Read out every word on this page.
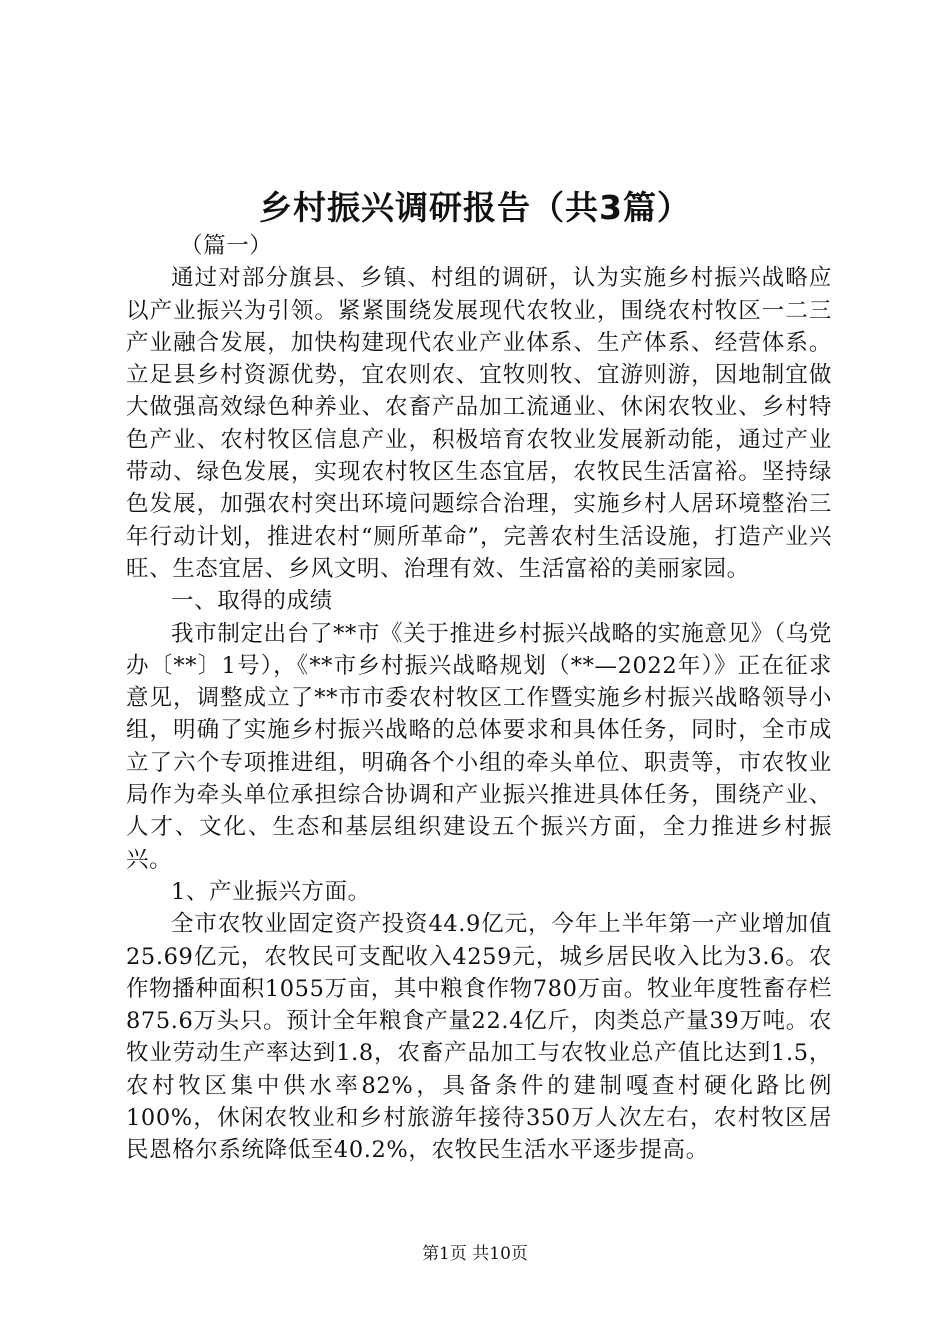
乡村振兴调研报告（共3篇）

（篇一）

通过对部分旗县、乡镇、村组的调研，认为实施乡村振兴战略应以产业振兴为引领。紧紧围绕发展现代农牧业，围绕农村牧区一二三产业融合发展，加快构建现代农业产业体系、生产体系、经营体系。立足县乡村资源优势，宜农则农、宜牧则牧、宜游则游，因地制宜做大做强高效绿色种养业、农畜产品加工流通业、休闲农牧业、乡村特色产业、农村牧区信息产业，积极培育农牧业发展新动能，通过产业带动、绿色发展，实现农村牧区生态宜居，农牧民生活富裕。坚持绿色发展，加强农村突出环境问题综合治理，实施乡村人居环境整治三年行动计划，推进农村“厕所革命”，完善农村生活设施，打造产业兴旺、生态宜居、乡风文明、治理有效、生活富裕的美丽家园。

一、取得的成绩

我市制定出台了**市《关于推进乡村振兴战略的实施意见》（乌党办〔**〕1号），《**市乡村振兴战略规划（**—2022年）》正在征求意见，调整成立了**市市委农村牧区工作暨实施乡村振兴战略领导小组，明确了实施乡村振兴战略的总体要求和具体任务，同时，全市成立了六个专项推进组，明确各个小组的牵头单位、职责等，市农牧业局作为牵头单位承担综合协调和产业振兴推进具体任务，围绕产业、人才、文化、生态和基层组织建设五个振兴方面，全力推进乡村振兴。

1、产业振兴方面。

全市农牧业固定资产投资44.9亿元，今年上半年第一产业增加值25.69亿元，农牧民可支配收入4259元，城乡居民收入比为3.6。农作物播种面积1055万亩，其中粮食作物780万亩。牧业年度牲畜存栏875.6万头只。预计全年粮食产量22.4亿斤，肉类总产量39万吨。农牧业劳动生产率达到1.8，农畜产品加工与农牧业总产值比达到1.5，农村牧区集中供水率82%，具备条件的建制嘎查村硬化路比例100%，休闲农牧业和乡村旅游年接待350万人次左右，农村牧区居民恩格尔系统降低至40.2%，农牧民生活水平逐步提高。

第1页 共10页
